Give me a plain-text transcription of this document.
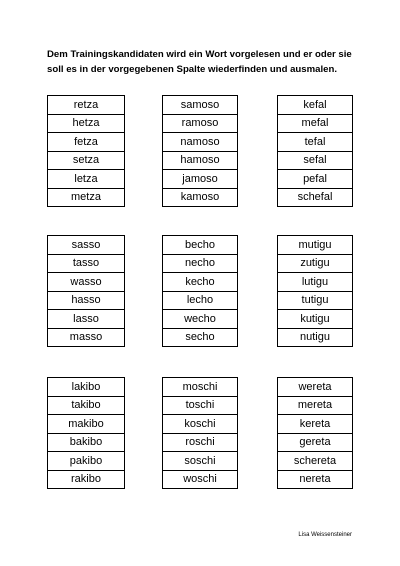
Dem Trainingskandidaten wird ein Wort vorgelesen und er oder sie
soll es in der vorgegebenen Spalte wiederfinden und ausmalen.

retza
hetza
fetza
setza
letza
metza
samoso
ramoso
namoso
hamoso
jamoso
kamoso
kefal
mefal
tefal
sefal
pefal
schefal
sasso
tasso
wasso
hasso
lasso
masso
becho
necho
kecho
lecho
wecho
secho
mutigu
zutigu
lutigu
tutigu
kutigu
nutigu
lakibo
takibo
makibo
bakibo
pakibo
rakibo
moschi
toschi
koschi
roschi
soschi
woschi
wereta
mereta
kereta
gereta
schereta
nereta
Lisa Weissensteiner
